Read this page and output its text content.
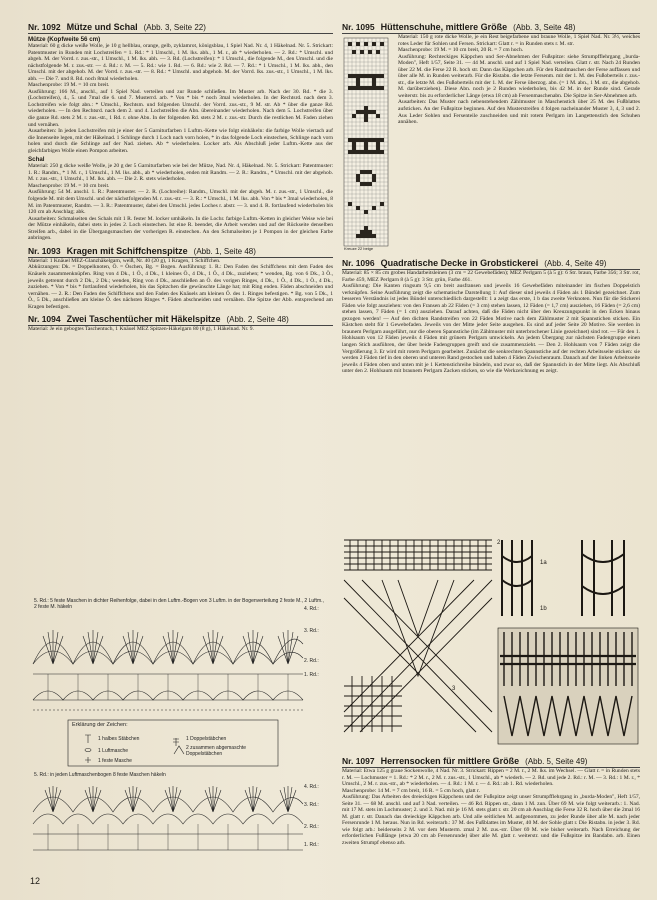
Nr. 1092 Mütze und Schal (Abb. 3, Seite 22)
Mütze (Kopfweite 56 cm)

Material: 60 g dicke weiße Wolle, je 10 g hellblau, orange, gelb, zyklamrot, königsblau, 1 Spiel Nad. Nr. 4, 1 Häkelnad. Nr. 5. Strickart: Patentmuster in Runden mit Lochstreifen = 1. Rd.: * 1 Umschl., 1 M. lks. abh., 1 M. r., ab * wiederholen. — 2. Rd.: * Umschl. und abgeh. M. der Vorrd. r. zus.-str., 1 Umschl., 1 M. lks. abh. — 3. Rd. (Lochstreifen): * 1 Umschl., die folgende M., den Umschl. und die nächstfolgende M. r. zus.-str. — 4. Rd.: r. M. — 5. Rd.: wie 1. Rd. — 6. Rd.: wie 2. Rd. — 7. Rd.: * 1 Umschl., 1 M. lks. abh., den Umschl. mit der abgehob. M. der Vorrd. r. zus.-str. — 8. Rd.: * Umschl. und abgehob. M. der Vorrd. lks. zus.-str., 1 Umschl., 1 M. lks. abh. — Die 7. und 8. Rd. noch 8mal wiederholen.

Maschenprobe: 19 M. = 10 cm breit.

Ausführung: 166 M., anschl., auf 1 Spiel Nad. verteilen und zur Runde schließen. Im Muster arb. Nach der 30. Rd. * die 3. (Lochstreifen), 4., 5. und 7mal die 6. und 7. Musterrd. arb. * Von * bis * noch 3mal wiederholen. In der Rechtsrd. nach dem 3. Lochstreifen wie folgt abn.: * Umschl., Rechtsm. und folgenden Umschl. der Vorrd. zus.-str., 9 M. str. Ab * über die ganze Rd. wiederholen. — In den Rechtsrd. nach dem 2. und 4. Lochstreifen die Abn. übereinander wiederholen. Nach dem 5. Lochstreifen über die ganze Rd. stets 2 M. r. zus.-str., 1 Rd. r. ohne Abn. In der folgenden Rd. stets 2 M. r. zus.-str. Durch die restlichen M. Faden ziehen und vernähen.

Ausarbeiten: In jeden Lochstreifen mit je einer der 5 Garniturfarben 1 Luftm.-Kette wie folgt einhäkeln: die farbige Wolle viertach auf die Innenseite legen, mit der Häkelnad. 1 Schlinge durch 1 Loch nach vorn holen, * in das folgende Loch einstechen, Schlinge nach vorn holen und durch die Schlinge auf der Nad. ziehen. Ab * wiederholen. Locker arb. Als Abschluß jeder Luftm.-Kette aus der gleichfarbigen Wolle einen Pompon arbeiten.

Schal

Material: 250 g dicke weiße Wolle, je 20 g der 5 Garniturfarben wie bei der Mütze, Nad. Nr. 4, Häkelnad. Nr. 5. Strickart: Patentmuster: 1. R.: Randm., * 1 M. r., 1 Umschl., 1 M. lks. abh., ab * wiederholen, enden mit Randm. — 2. R.: Randm., * Umschl. mit der abgehob. M. r. zus.-str., 1 Umschl., 1 M. lks. abh. — Die 2. R. stets wiederholen.

Maschenprobe: 19 M. = 10 cm breit.

Ausführung: 54 M. anschl. 1. R.: Patentmuster. — 2. R. (Lochreihe): Randm., Umschl. mit der abgeh. M. r. zus.-str., 1 Umschl., die folgende M. mit dem Umschl. und der nächstfolgenden M. r. zus.-str. — 3. R.: * Umschl., 1 M. lks. abh. Von * bis * 3mal wiederholen, 8 M. im Patentmuster, Randm. — 3. R.: Patentmuster, dabei den Umschl. jedes Loches r. abstr. — 3. und 4. R. fortlaufend wiederholen bis 120 cm ab Anschlag; abk.

Ausarbeiten: Schmalseiten des Schals mit 1 R. fester M. locker umhäkeln. In die Lochr. farbige Luftm.-Ketten in gleicher Weise wie bei der Mütze einhäkeln, dabei stets in jedes 2. Loch einstechen. Ist eine R. beendet, die Arbeit wenden und auf der Rückseite denselben Streifen arb., dabei in die Übergangsmaschen der vorherigen R. einstechen. An den Schmalseiten je 1 Pompon in der gleichen Farbe anbringen.

Nr. 1093 Kragen mit Schiffchenspitze (Abb. 1, Seite 48)

Material: 1 Knäuel MEZ-Glanzhäkelgarn, weiß, Nr. 40 (20 g), 1 Kragen, 1 Schiffchen.

Abkürzungen: Dk. = Doppelknoten, Ö. = Öschen, Bg. = Bogen. Ausführung: 1. R.: Den Faden des Schiffchens mit dem Faden des Knäuels zusammenknüpfen. Ring von 4 Dk., 1 Ö., 4 Dk., 1 kleines Ö., 4 Dk., 1 Ö., 4 Dk., zuziehen; * wenden, Bg. von 6 Dk., 3 Ö., jeweils getrennt durch 2 Dk., 2 Dk.; wenden, Ring von 4 Dk., anschließen an Ö. des vorigen Ringes, 4 Dk., 1 Ö., 4 Dk., 1 Ö., 4 Dk., zuziehen. * Von * bis * fortlaufend wiederholen, bis das Spitzchen die gewünschte Länge hat; mit Ring enden. Fäden abschneiden und vernähen. — 2. R.: Den Faden des Schiffchens und den Faden des Knäuels am kleinen Ö. des 1. Ringes befestigen. * Bg. von 5 Dk., 1 Ö., 5 Dk., anschließen am kleine Ö. des nächsten Ringes *. Fäden abschneiden und vernähen. Die Spitze der Abb. entsprechend am Kragen befestigen.

Nr. 1094 Zwei Taschentücher mit Häkelspitze (Abb. 2, Seite 48)

Material: Je ein gebogtes Taschentuch, 1 Knäuel MEZ Spitzen-Häkelgarn 80 (8 g), 1 Häkelnad. Nr. 9.

5. Rd.: 5 feste Maschen in dichter Reihenfolge, dabei in den Luftm.-Bogen von 3 Luftm. in der Bogenverteilung 2 feste M., 2 Luftm., 2 feste M. häkeln	4. Rd.:
3. Rd.:
2. Rd.:
1. Rd.:
Erklärung der Zeichen:
1 halbes Stäbchen	1 Doppelstäbchen
1 Luftmasche	2 zusammen abgemaschte Doppelstäbchen
1 feste Masche
5. Rd.: in jeden Luftmaschenbogen 8 feste Maschen häkeln
4. Rd.:
3. Rd.:
2. Rd.:
1. Rd.:
Nr. 1095 Hüttenschuhe, mittlere Größe (Abb. 3, Seite 48)
Kreuze 22 beige

Material: 150 g rote dicke Wolle, je ein Rest beigefarbene und braune Wolle, 1 Spiel Nad. Nr. 3½, weiches rotes Leder für Sohlen und Fersen. Strickart: Glatt r. = in Runden stets r. M. str.

Maschenprobe: 19 M. = 10 cm breit, 20 R. = 7 cm hoch.

Ausführung: Rechteckiges Käppchen und Ser-Abnehmen der Fußspitze: siehe Strumpfflehrgang „burda-Moden", Heft 1/57, Seite 31. — 44 M. anschl. und auf 1 Spiel Nad. verteilen. Glatt r. str. Nach 24 Runden über 22 M. die Ferse 22 R. hoch str. Dann das Käppchen arb. Für den Randmaschen der Ferse auffassen und über alle M. in Runden weiterarb. Für die Ristabn. die letzte Fersenm. mit der 1. M. des Fußoberteils r. zus.-str., die letzte M. des Fußoberteils mit der 1. M. der Ferse überzog. abn. (= 1 M. abn., 1 M. str., die abgehob. M. darüberziehen). Diese Abn. noch je 2 Runden wiederholen, bis 42 M. in der Runde sind. Gerade weiterstr. bis zu erforderlicher Länge (etwa 18 cm) ab Fersenmaschenabn. Die Spitze in Ser-Abnehmen arb.

Ausarbeiten: Das Muster nach nebenstehendem Zählmuster in Maschenstich über 25 M. des Fußblattes aufsticken. An der Fußspitze beginnen. Auf den Musterstreifen 4 folgen nacheinander Muster 3, 4, 3 und 2. Aus Leder Sohlen und Fersenteile zuschneiden und mit rotem Perlgarn im Langettenstich den Schuhen annähen.

Nr. 1096 Quadratische Decke in Grobstickerei (Abb. 4, Seite 49)

Material: 85 × 85 cm grobes Handarbeitsleinen (3 cm = 22 Gewebefäden); MEZ Perlgarn 5 (à 5 g): 6 Str. braun, Farbe 356; 3 Str. rot, Farbe 459, MEZ Perlgarn 8 (à 5 g): 3 Str. grün, Farbe 461.

Ausführung: Die Kanten ringsum 9,5 cm breit ausfransen und jeweils 16 Gewebefäden miteinander im fischen Doppelstich verknüpfen. Seine Ausführung zeigt die schematische Darstellung 1: Auf dieser sind jeweils 4 Fäden als 1 Bündel gezeichnet. Zum besseren Verständnis ist jedes Bündel unterschiedlich dargestellt: 1 a zeigt das erste, 1 b das zweite Verknoten. Nun für die Stickerei Fäden wie folgt ausziehen: von den Fransen ab 22 Fäden (= 3 cm) stehen lassen, 12 Fäden (= 1,7 cm) ausziehen, 16 Fäden (= 2,6 cm) stehen lassen, 7 Fäden (= 1 cm) ausziehen. Darauf achten, daß die Fäden nicht über den Kreuzungspunkt in den Ecken hinaus gezogen werden! — Auf den dichten Randstreifen von 22 Fäden Motive nach dem Zählmuster 2 mit Spannstichen sticken. Ein Kästchen steht für 1 Gewebefaden. Jeweils von der Mitte jeder Seite ausgehen. Es sind auf jeder Seite 20 Motive. Sie werden in braunem Perlgarn ausgeführt, nur die oberen Spannstiche (im Zählmuster mit unterbrochener Linie gezeichnet) sind rot. — Für den 1. Hohlsaum von 12 Fäden jeweils 4 Fäden mit grünem Perlgarn umwickeln. An jedem Übergang zur nächsten Fadengruppe einen langen Stich ausführen, der über beide Fadengruppen greift und sie zusammenzieht. — Den 2. Hohlsaum von 7 Fäden zeigt die Vergrößerung 3. Er wird mit rotem Perlgarn gearbeitet. Zunächst die senkrechten Spannstiche auf der rechten Arbeitsseite sticken: sie werden 2 Fäden tief in den oberen und unteren Rand gestochen und haben 4 Fäden Zwischenraum. Danach auf der linken Arbeitsseite jeweils 4 Fäden oben und unten mit je 1 Kettenstichreihe bündeln, und zwar so, daß der Spannstich in der Mitte liegt. Als Abschluß unter den 2. Hohlsaum mit braunem Perlgarn Zacken sticken, so wie die Werkzeichnung es zeigt.

2
3
1a
1b
Nr. 1097 Herrensocken für mittlere Größe (Abb. 5, Seite 49)

Material: Etwa 125 g graue Sockenwolle, 4 Nad. Nr. 3. Strickart: Rippen = 2 M. r., 2 M. lks. im Wechsel. — Glatt r. = in Runden stets r. M. — Lochmuster = 1. Rd.: * 2 M. r., 2 M. r. zus.-str., 1 Umschl., ab * wiederh. — 2. Rd. und jede 2. Rd.: r. M. — 3. Rd.: 1 M. r., * Umschl., 2 M. r. zus.-str., ab * wiederholen. — 4. Rd.: 1 M. r. — 4. Rd.: ab 1. Rd. wiederholen.

Maschenprobe: 14 M. = 7 cm breit, 16 R. = 5 cm hoch, glatt r.

Ausführung: Das Arbeiten des dreieckigen Käppchens und der Fußspitze zeigt unser Strumpfflehrgang in „burda-Moden", Heft 1/57, Seite 31. — 68 M. anschl. und auf 3 Nad. verteilen. — 46 Rd. Rippen str., dann 1 M. zun. Über 69 M. wie folgt weiterarb.: 1. Nad. mit 17 M. stets im Lochmuster; 2. und 3. Nad. mit je 16 M. stets glatt r. str. 20 cm ab Anschlag die Ferse 32 R. hoch über die 2mal 16 M. glatt r. str. Danach das dreieckige Käppchen arb. Und alle seitlichen M. aufgenommen, zu jeder Runde über alle M. nach jeder Fersenrunde 1 M. heraus. Nun in Rd. weiterarb.: 37 M. des Fußblattes im Muster, 40 M. der Sohle glatt r. Die Ristabn. in jeder 3. Rd. wie folgt arb.: beiderseits 2 M. vor dem Musterm. zmal 2 M. zus.-str. Über 69 M. wie bisher weiterarb. Nach Erreichung der erforderlichen Fußlänge (etwa 20 cm ab Fersenrunde) über alle M. glatt r. weiterstr. und die Fußspitze im Bandabn. arb. Einen zweiten Strumpf ebenso arb.

12
